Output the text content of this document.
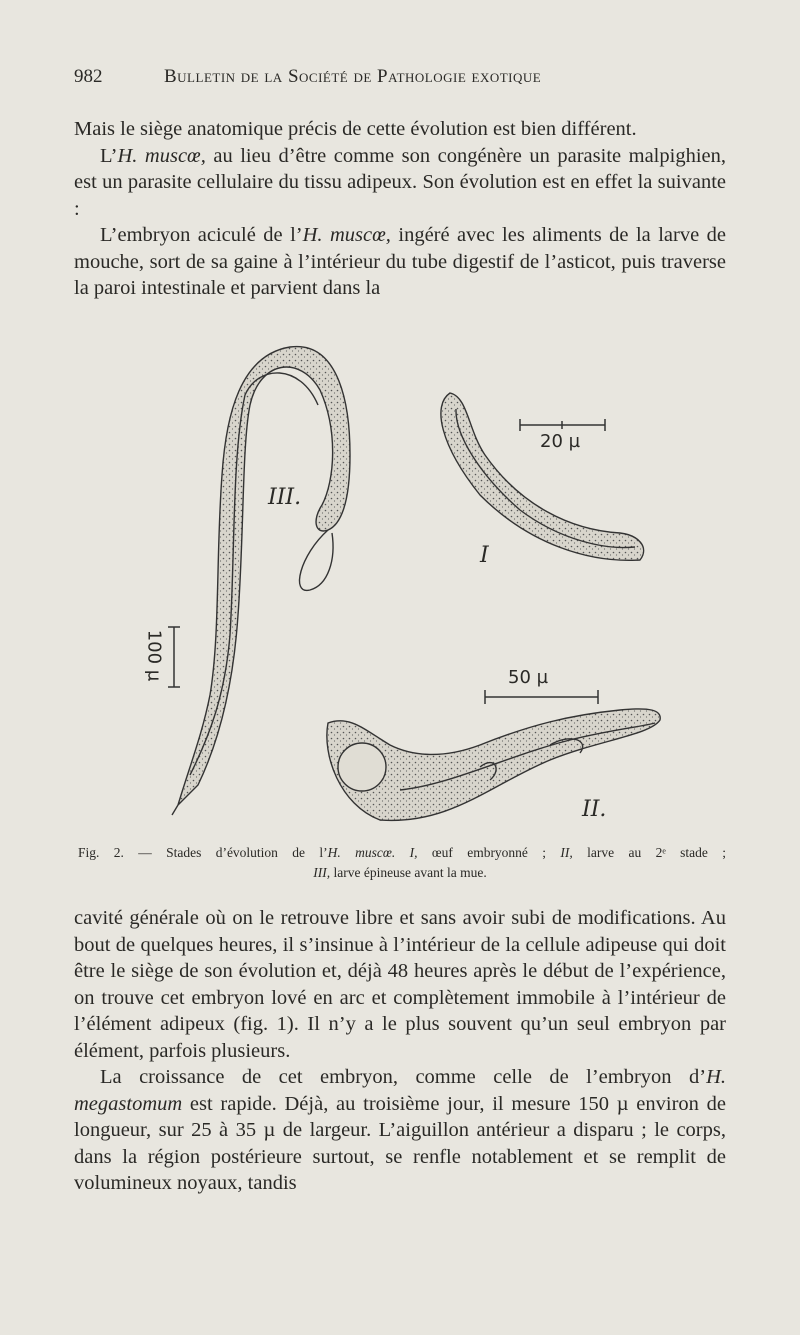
982	Bulletin de la Société de Pathologie exotique

Mais le siège anatomique précis de cette évolution est bien différent.

L’H. muscœ, au lieu d’être comme son congénère un parasite malpighien, est un parasite cellulaire du tissu adipeux. Son évolution est en effet la suivante :

L’embryon aciculé de l’H. muscœ, ingéré avec les aliments de la larve de mouche, sort de sa gaine à l’intérieur du tube digestif de l’asticot, puis traverse la paroi intestinale et parvient dans la

III.
I
II.
20 µ
50 µ
100 µ
Fig. 2. — Stades d’évolution de l’H. muscœ. I, œuf embryonné ; II, larve au 2ᵉ stade ;
III, larve épineuse avant la mue.

cavité générale où on le retrouve libre et sans avoir subi de modifications. Au bout de quelques heures, il s’insinue à l’intérieur de la cellule adipeuse qui doit être le siège de son évolution et, déjà 48 heures après le début de l’expérience, on trouve cet embryon lové en arc et complètement immobile à l’intérieur de l’élément adipeux (fig. 1). Il n’y a le plus souvent qu’un seul embryon par élément, parfois plusieurs.

La croissance de cet embryon, comme celle de l’embryon d’H. megastomum est rapide. Déjà, au troisième jour, il mesure 150 µ environ de longueur, sur 25 à 35 µ de largeur. L’aiguillon antérieur a disparu ; le corps, dans la région postérieure surtout, se renfle notablement et se remplit de volumineux noyaux, tandis
